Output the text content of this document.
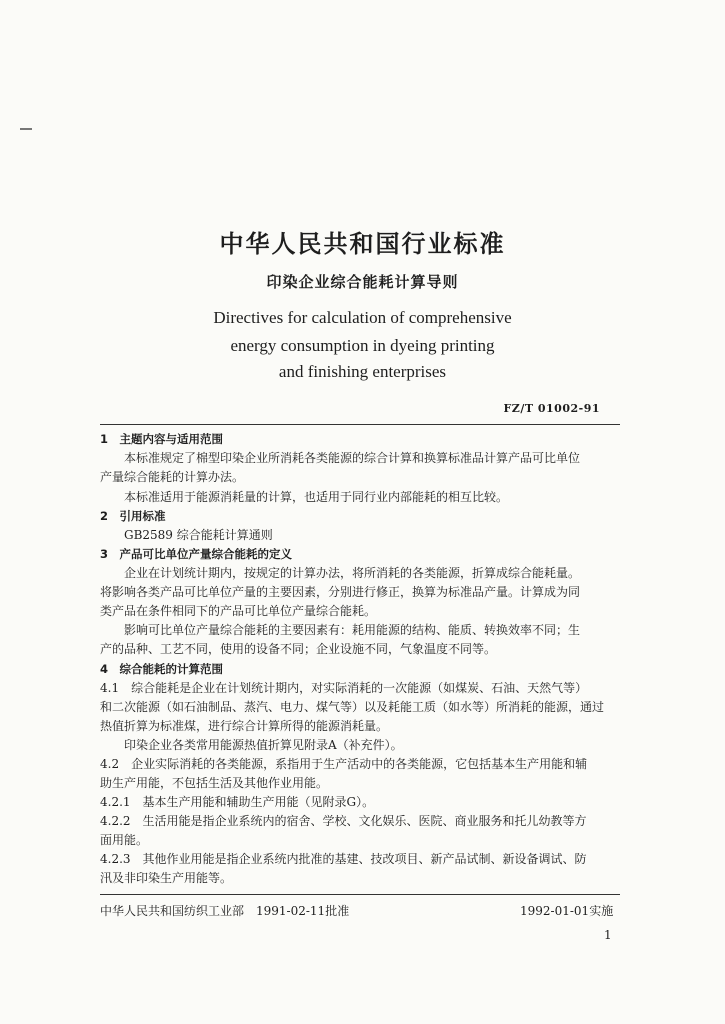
中华人民共和国行业标准
印染企业综合能耗计算导则
Directives for calculation of comprehensive
energy consumption in dyeing printing
and finishing enterprises
FZ/T 01002-91
1　主题内容与适用范围
　　本标准规定了棉型印染企业所消耗各类能源的综合计算和换算标准品计算产品可比单位
产量综合能耗的计算办法。
　　本标准适用于能源消耗量的计算，也适用于同行业内部能耗的相互比较。
2　引用标准
　　GB2589 综合能耗计算通则
3　产品可比单位产量综合能耗的定义
　　企业在计划统计期内，按规定的计算办法，将所消耗的各类能源，折算成综合能耗量。
将影响各类产品可比单位产量的主要因素，分别进行修正，换算为标准品产量。计算成为同
类产品在条件相同下的产品可比单位产量综合能耗。
　　影响可比单位产量综合能耗的主要因素有：耗用能源的结构、能质、转换效率不同；生
产的品种、工艺不同，使用的设备不同；企业设施不同，气象温度不同等。
4　综合能耗的计算范围
4.1　综合能耗是企业在计划统计期内，对实际消耗的一次能源（如煤炭、石油、天然气等）
和二次能源（如石油制品、蒸汽、电力、煤气等）以及耗能工质（如水等）所消耗的能源，通过
热值折算为标准煤，进行综合计算所得的能源消耗量。
　　印染企业各类常用能源热值折算见附录A（补充件）。
4.2　企业实际消耗的各类能源，系指用于生产活动中的各类能源，它包括基本生产用能和辅
助生产用能，不包括生活及其他作业用能。
4.2.1　基本生产用能和辅助生产用能（见附录G）。
4.2.2　生活用能是指企业系统内的宿舍、学校、文化娱乐、医院、商业服务和托儿幼教等方
面用能。
4.2.3　其他作业用能是指企业系统内批准的基建、技改项目、新产品试制、新设备调试、防
汛及非印染生产用能等。
中华人民共和国纺织工业部　1991-02-11批准	1992-01-01实施
1
